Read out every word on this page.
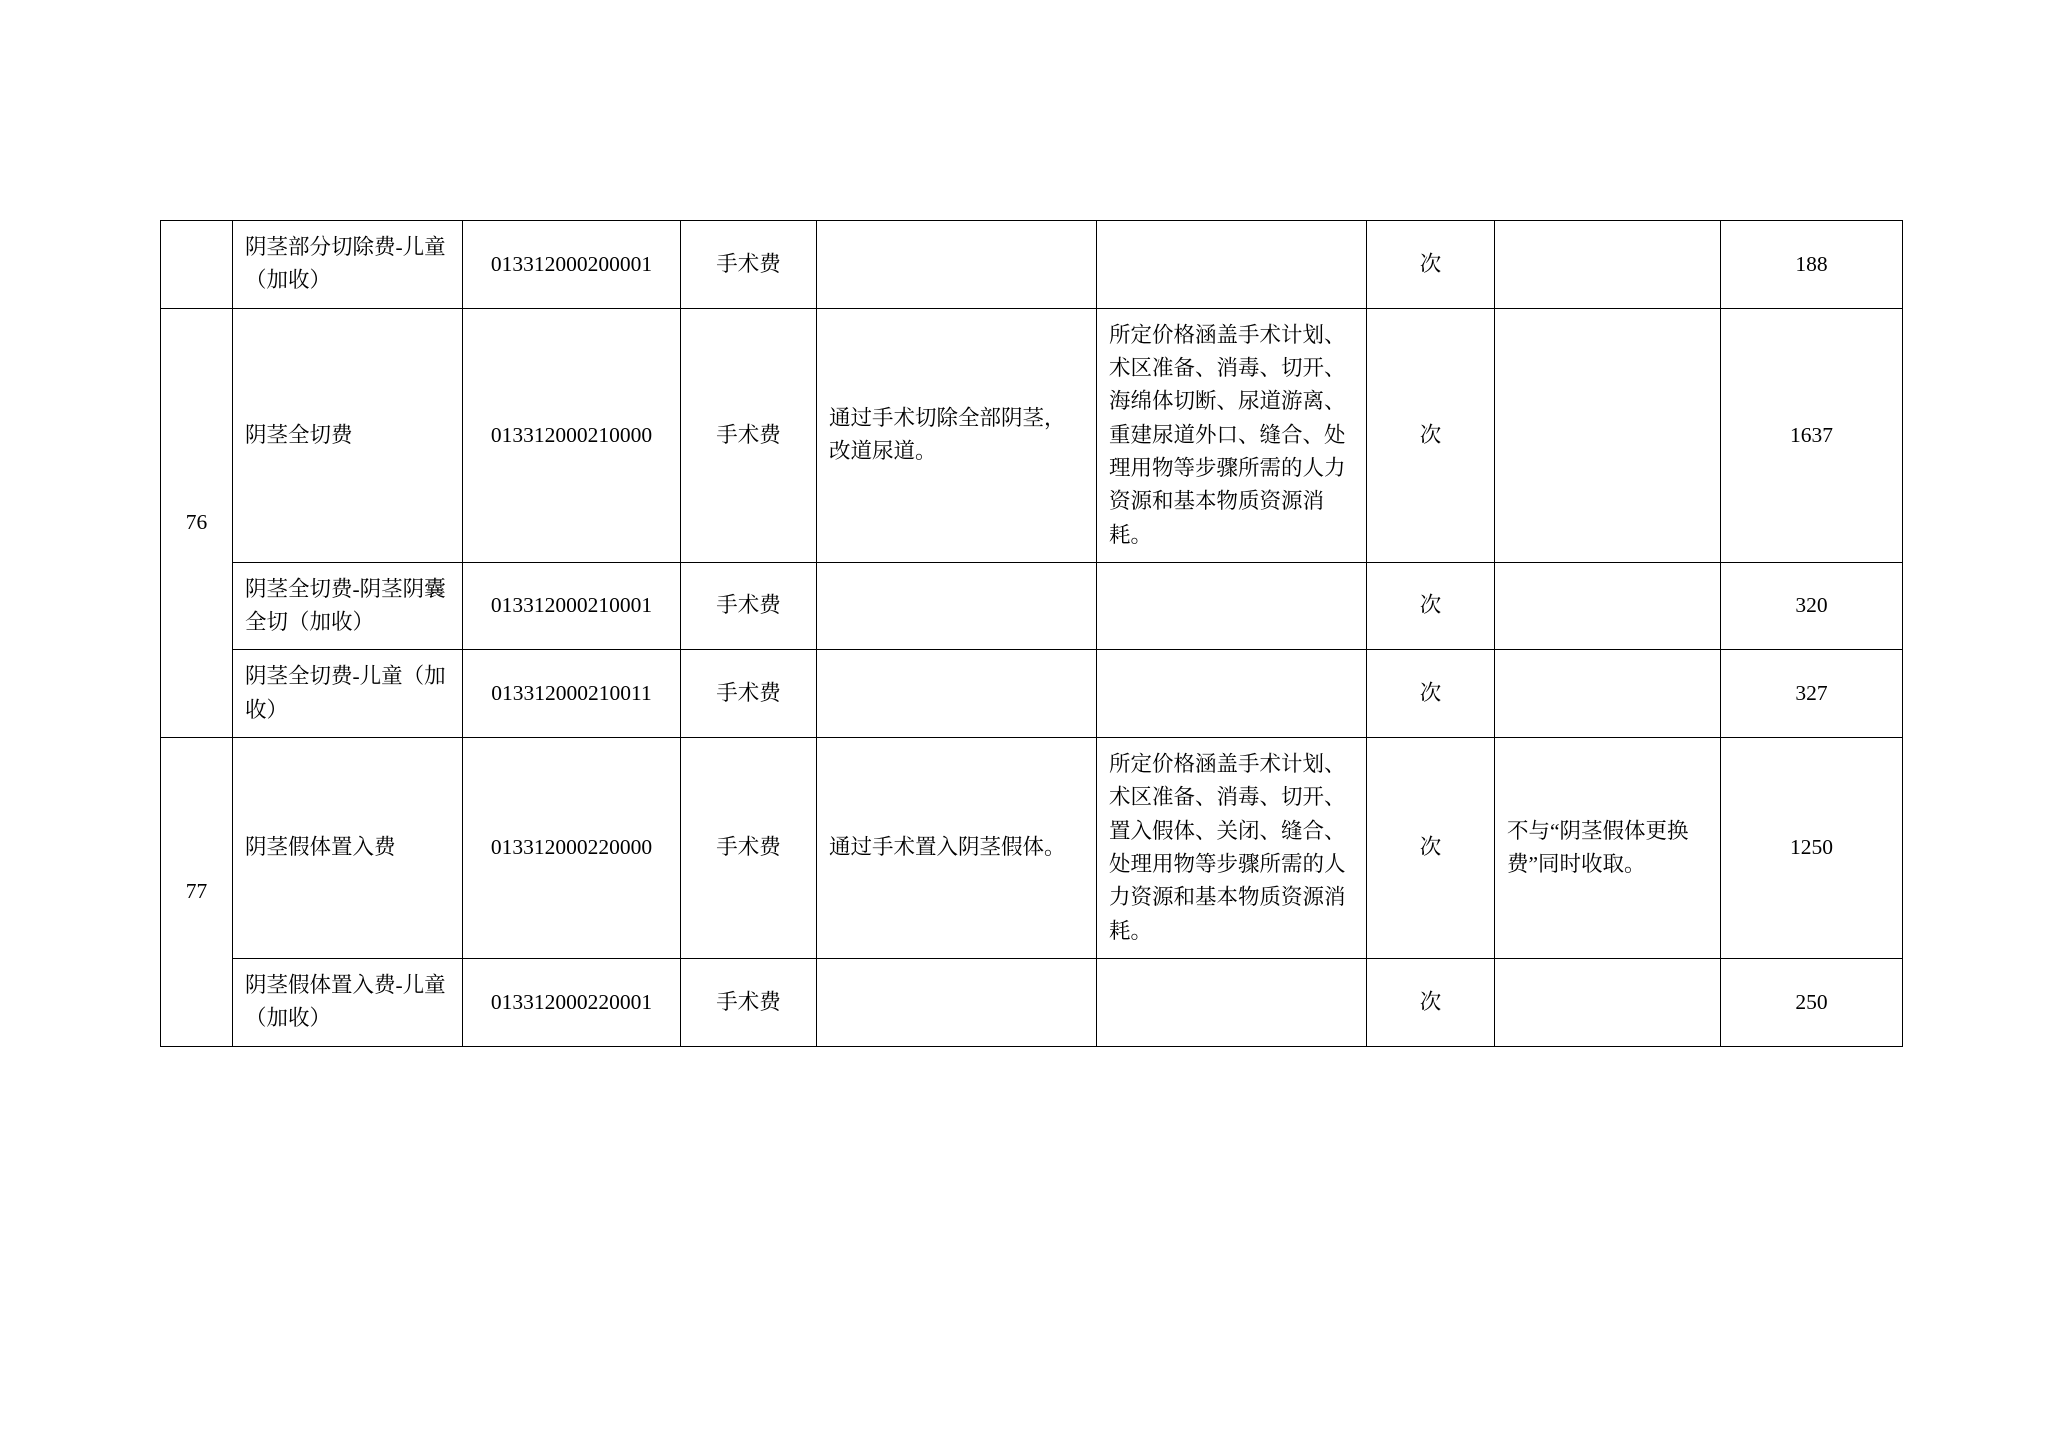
	阴茎部分切除费-儿童（加收）	013312000200001	手术费			次		188
76	阴茎全切费	013312000210000	手术费	通过手术切除全部阴茎，改道尿道。	所定价格涵盖手术计划、术区准备、消毒、切开、海绵体切断、尿道游离、重建尿道外口、缝合、处理用物等步骤所需的人力资源和基本物质资源消耗。	次		1637
	阴茎全切费-阴茎阴囊全切（加收）	013312000210001	手术费			次		320
	阴茎全切费-儿童（加收）	013312000210011	手术费			次		327
77	阴茎假体置入费	013312000220000	手术费	通过手术置入阴茎假体。	所定价格涵盖手术计划、术区准备、消毒、切开、置入假体、关闭、缝合、处理用物等步骤所需的人力资源和基本物质资源消耗。	次	不与“阴茎假体更换费”同时收取。	1250
	阴茎假体置入费-儿童（加收）	013312000220001	手术费			次		250
